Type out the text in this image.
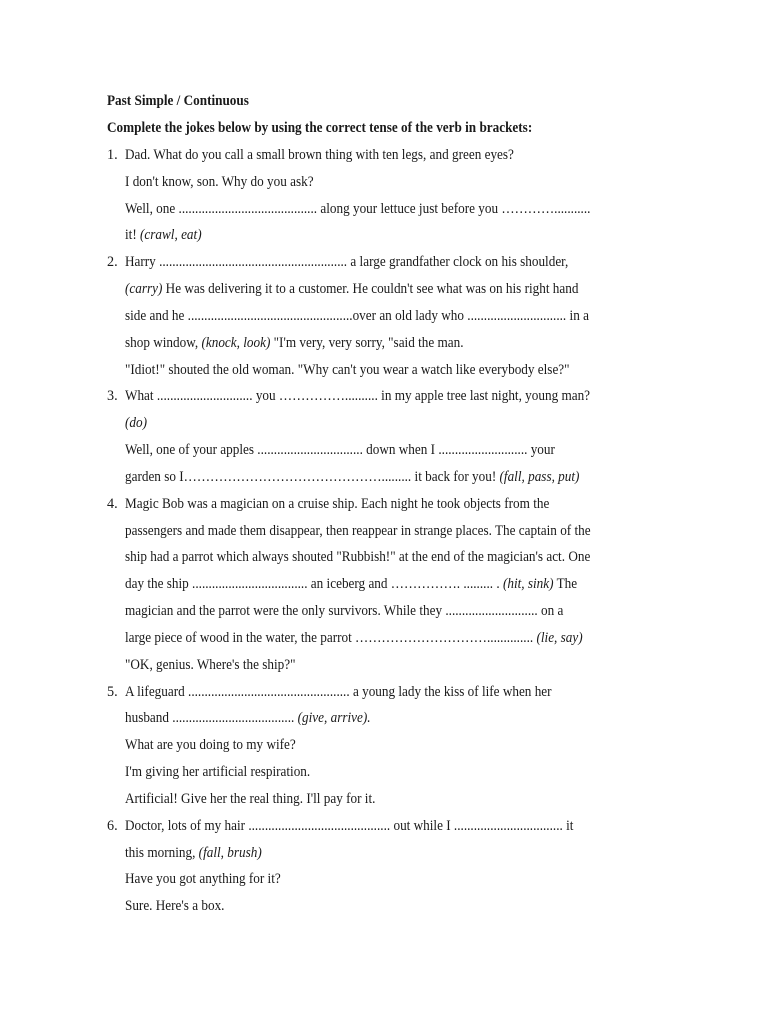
Past Simple / Continuous
Complete the jokes below by using the correct tense of the verb in brackets:
1. Dad. What do you call a small brown thing with ten legs, and green eyes?
I don't know, son. Why do you ask?
Well, one .......................................... along your lettuce just before you …………...........
it! (crawl, eat)
2. Harry ......................................................... a large grandfather clock on his shoulder,
(carry) He was delivering it to a customer. He couldn't see what was on his right hand
side and he ..................................................over an old lady who .............................. in a
shop window, (knock, look) "I'm very, very sorry, "said the man.
"Idiot!" shouted the old woman. "Why can't you wear a watch like everybody else?"
3. What ............................. you …………….......... in my apple tree last night, young man?
(do)
Well, one of your apples ................................ down when I ........................... your
garden so I………………………………………......... it back for you! (fall, pass, put)
4. Magic Bob was a magician on a cruise ship. Each night he took objects from the
passengers and made them disappear, then reappear in strange places. The captain of the
ship had a parrot which always shouted "Rubbish!" at the end of the magician's act. One
day the ship ................................... an iceberg and ……………. ......... . (hit, sink) The
magician and the parrot were the only survivors. While they ............................ on a
large piece of wood in the water, the parrot ………………………….............. (lie, say)
"OK, genius. Where's the ship?"
5. A lifeguard ................................................. a young lady the kiss of life when her
husband ..................................... (give, arrive).
What are you doing to my wife?
I'm giving her artificial respiration.
Artificial! Give her the real thing. I'll pay for it.
6. Doctor, lots of my hair ........................................... out while I ................................. it
this morning, (fall, brush)
Have you got anything for it?
Sure. Here's a box.
